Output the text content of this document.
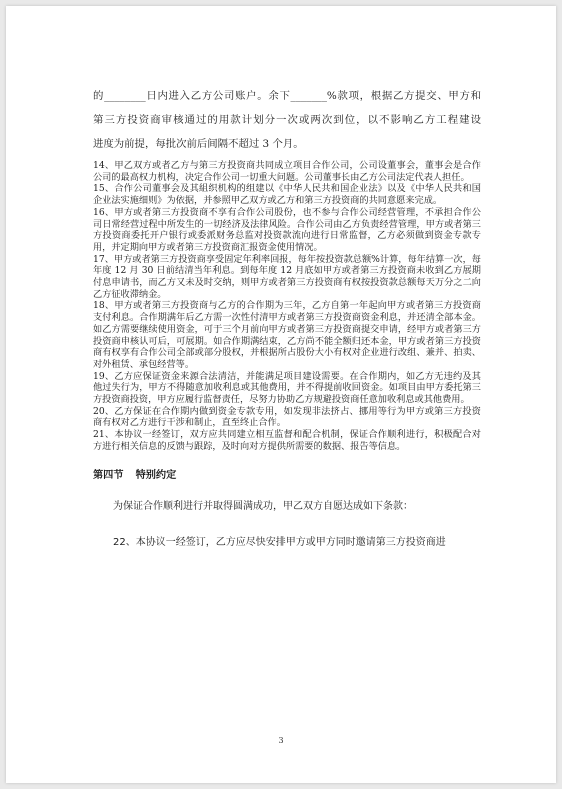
的________日内进入乙方公司账户。余下_______%款项，根据乙方提交、甲方和

第三方投资商审核通过的用款计划分一次或两次到位，以不影响乙方工程建设

进度为前提，每批次前后间隔不超过 3 个月。

14、甲乙双方或者乙方与第三方投资商共同成立项目合作公司，公司设董事会，董事会是合作公司的最高权力机构，决定合作公司一切重大问题。公司董事长由乙方公司法定代表人担任。

15、合作公司董事会及其組织机构的组建以《中华人民共和国企业法》以及《中华人民共和国企业法实施细则》为依据，并参照甲乙双方或乙方和第三方投资商的共同意愿来完成。

16、甲方或者第三方投资商不享有合作公司股份，也不参与合作公司经营管理，不承担合作公司日常经营过程中所发生的一切经济及法律风险。合作公司由乙方负责经营管理，甲方或者第三方投资商委托开户银行或委派财务总监对投资款流向进行日常监督，乙方必须做到资金专款专用，并定期向甲方或者第三方投资商汇报资金使用情况。

17、甲方或者第三方投资商享受固定年利率回报，每年按投资款总额%计算，每年结算一次，每年度 12 月 30 日前结清当年利息。到每年度 12 月底如甲方或者第三方投资商未收到乙方展期付息申请书，而乙方又未及时交纳，则甲方或者第三方投资商有权按投资款总额每天万分之二向乙方征收滞纳金。

18、甲方或者第三方投资商与乙方的合作期为三年，乙方自第一年起向甲方或者第三方投资商支付利息。合作期满年后乙方需一次性付清甲方或者第三方投资商资金利息，并还清全部本金。如乙方需要继续使用资金，可于三个月前向甲方或者第三方投资商提交申请，经甲方或者第三方投资商申核认可后，可展期。如合作期满结束，乙方尚不能全额归还本金，甲方或者第三方投资商有权享有合作公司全部或部分股权，并根据所占股份大小有权对企业进行改组、兼并、拍卖、对外租赁、承包经营等。

19、乙方应保证资金来源合法清洁，并能满足项目建设需要。在合作期内，如乙方无违约及其他过失行为，甲方不得随意加收利息或其他费用，并不得提前收回资金。如项目由甲方委托第三方投资商投资，甲方应履行监督责任，尽努力协助乙方规避投资商任意加收利息或其他费用。

20、乙方保证在合作期内做到资金专款专用，如发现非法挤占、挪用等行为甲方或第三方投资商有权对乙方进行干涉和制止，直至终止合作。

21、本协议一经签订，双方应共同建立相互监督和配合机制，保证合作顺利进行，积极配合对方进行相关信息的反馈与跟踪，及时向对方提供所需要的数据、报告等信息。

第四节 特别约定

为保证合作顺利进行并取得圆满成功，甲乙双方自愿达成如下条款：

22、本协议一经签订，乙方应尽快安排甲方或甲方同时邀请第三方投资商进

3
